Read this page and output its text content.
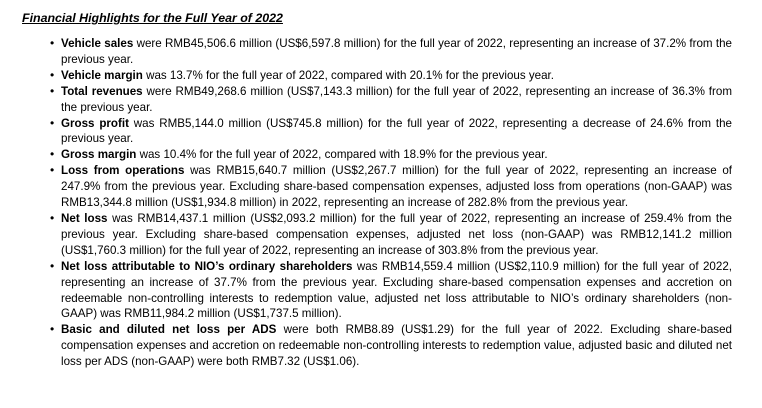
Financial Highlights for the Full Year of 2022
• Vehicle sales were RMB45,506.6 million (US$6,597.8 million) for the full year of 2022, representing an increase of 37.2% from the previous year.
• Vehicle margin was 13.7% for the full year of 2022, compared with 20.1% for the previous year.
• Total revenues were RMB49,268.6 million (US$7,143.3 million) for the full year of 2022, representing an increase of 36.3% from the previous year.
• Gross profit was RMB5,144.0 million (US$745.8 million) for the full year of 2022, representing a decrease of 24.6% from the previous year.
• Gross margin was 10.4% for the full year of 2022, compared with 18.9% for the previous year.
• Loss from operations was RMB15,640.7 million (US$2,267.7 million) for the full year of 2022, representing an increase of 247.9% from the previous year. Excluding share-based compensation expenses, adjusted loss from operations (non-GAAP) was RMB13,344.8 million (US$1,934.8 million) in 2022, representing an increase of 282.8% from the previous year.
• Net loss was RMB14,437.1 million (US$2,093.2 million) for the full year of 2022, representing an increase of 259.4% from the previous year. Excluding share-based compensation expenses, adjusted net loss (non-GAAP) was RMB12,141.2 million (US$1,760.3 million) for the full year of 2022, representing an increase of 303.8% from the previous year.
• Net loss attributable to NIO’s ordinary shareholders was RMB14,559.4 million (US$2,110.9 million) for the full year of 2022, representing an increase of 37.7% from the previous year. Excluding share-based compensation expenses and accretion on redeemable non-controlling interests to redemption value, adjusted net loss attributable to NIO’s ordinary shareholders (non-GAAP) was RMB11,984.2 million (US$1,737.5 million).
• Basic and diluted net loss per ADS were both RMB8.89 (US$1.29) for the full year of 2022. Excluding share-based compensation expenses and accretion on redeemable non-controlling interests to redemption value, adjusted basic and diluted net loss per ADS (non-GAAP) were both RMB7.32 (US$1.06).
